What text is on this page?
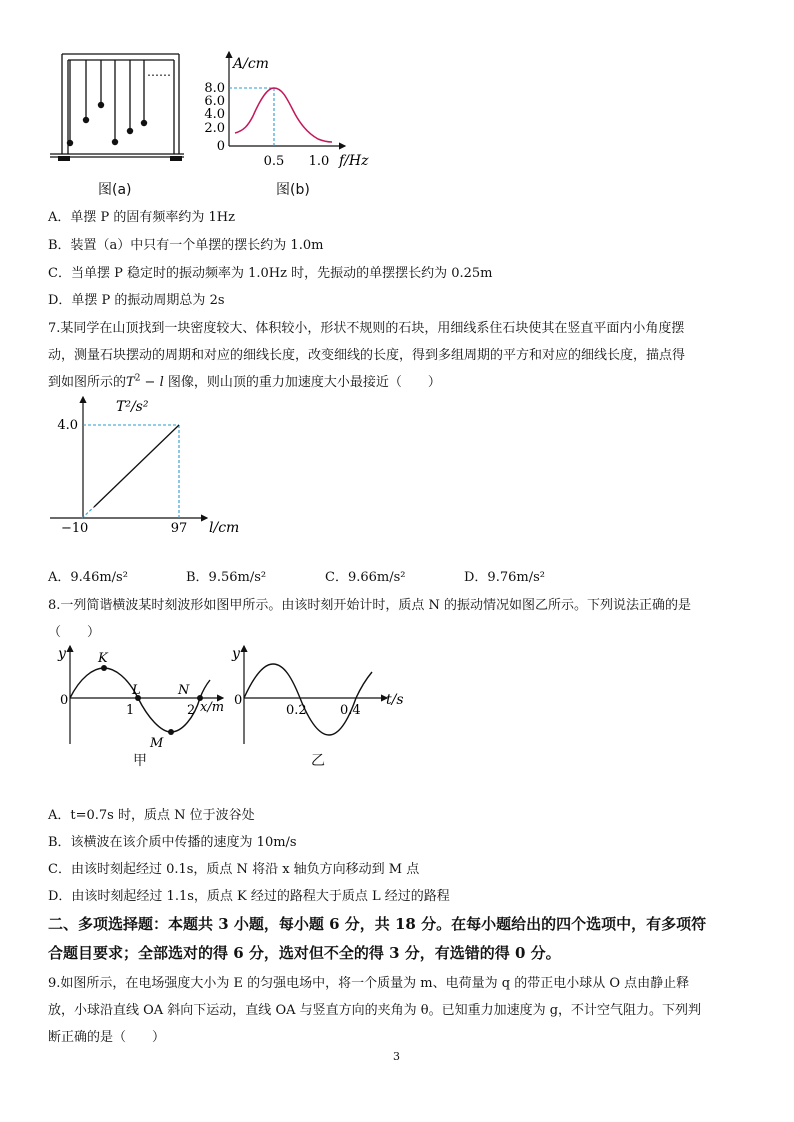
……
图(a)
A/cm
8.0
6.0
4.0
2.0
0
0.5 1.0 f/Hz
图(b)
A．单摆 P 的固有频率约为 1Hz
B．装置（a）中只有一个单摆的摆长约为 1.0m
C．当单摆 P 稳定时的振动频率为 1.0Hz 时，先振动的单摆摆长约为 0.25m
D．单摆 P 的振动周期总为 2s
7.某同学在山顶找到一块密度较大、体积较小，形状不规则的石块，用细线系住石块使其在竖直平面内小角度摆
动，测量石块摆动的周期和对应的细线长度，改变细线的长度，得到多组周期的平方和对应的细线长度，描点得
到如图所示的$T^2 - l$ 图像，则山顶的重力加速度大小最接近（　　）
T²/s²
4.0
−1 0	97 l/cm
A．9.46m/s²	B．9.56m/s²	C．9.66m/s²	D．9.76m/s²
8.一列简谐横波某时刻波形如图甲所示。由该时刻开始计时，质点 N 的振动情况如图乙所示。下列说法正确的是
（　　）
y
0
K
L	N
M
1	2 x/m
甲
y
0
0.2	0.4
t/s
乙
A．t=0.7s 时，质点 N 位于波谷处
B．该横波在该介质中传播的速度为 10m/s
C．由该时刻起经过 0.1s，质点 N 将沿 x 轴负方向移动到 M 点
D．由该时刻起经过 1.1s，质点 K 经过的路程大于质点 L 经过的路程
二、多项选择题：本题共 3 小题，每小题 6 分，共 18 分。在每小题给出的四个选项中，有多项符
合题目要求；全部选对的得 6 分，选对但不全的得 3 分，有选错的得 0 分。
9.如图所示，在电场强度大小为 E 的匀强电场中，将一个质量为 m、电荷量为 q 的带正电小球从 O 点由静止释
放，小球沿直线 OA 斜向下运动，直线 OA 与竖直方向的夹角为 θ。已知重力加速度为 g，不计空气阻力。下列判
断正确的是（　　）
3
